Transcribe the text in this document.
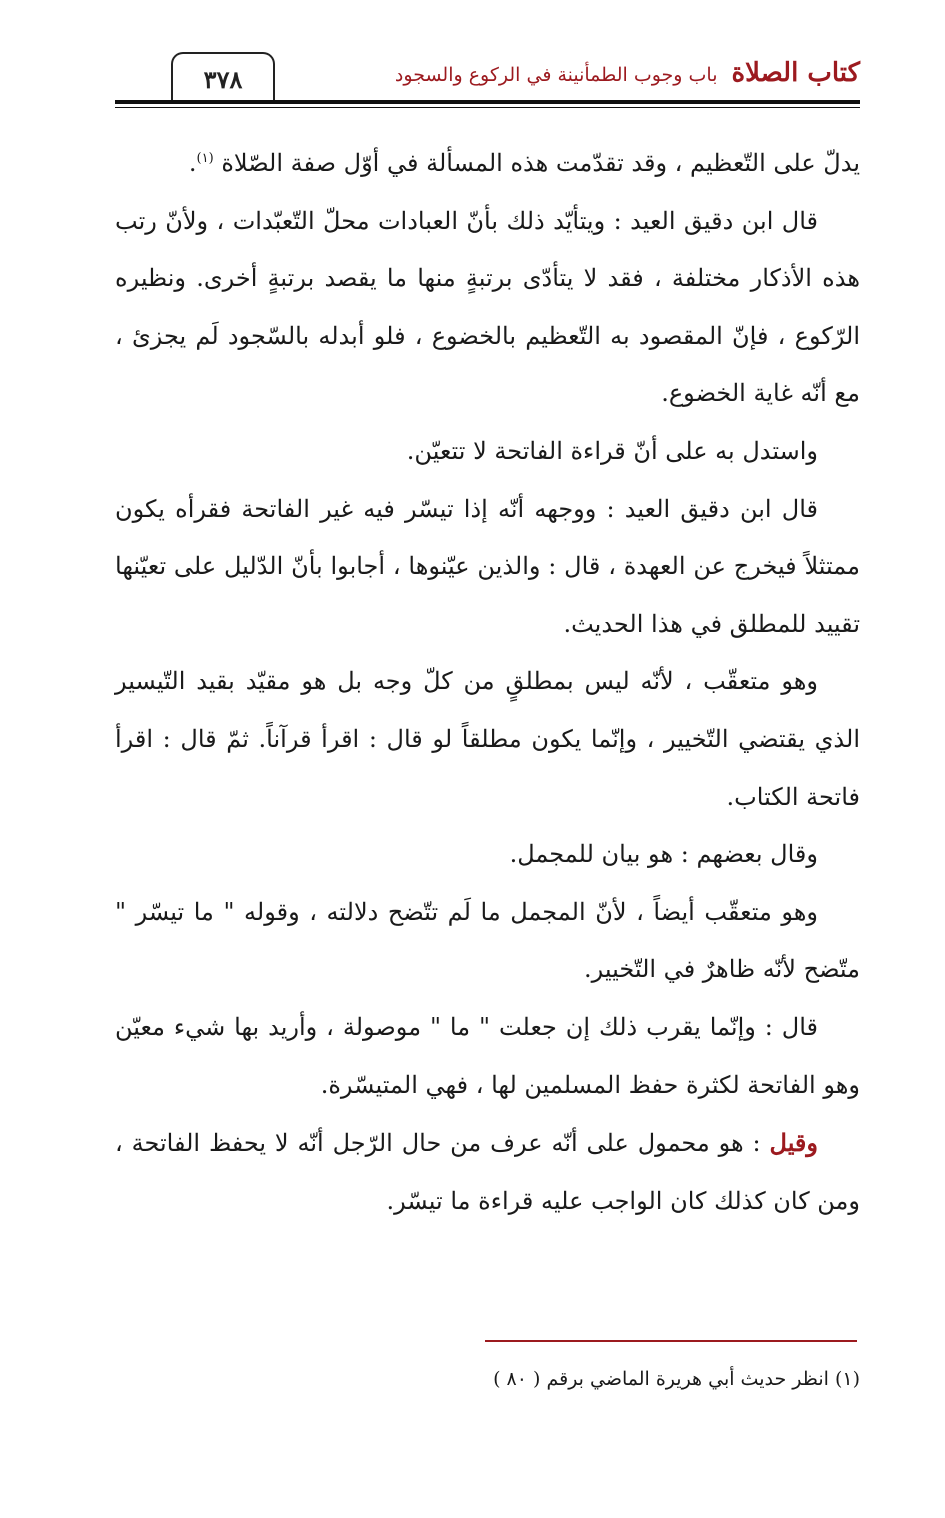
٣٧٨	كتاب الصلاة
باب وجوب الطمأنينة في الركوع والسجود

يدلّ على التّعظيم ، وقد تقدّمت هذه المسألة في أوّل صفة الصّلاة $^{(١)}$.

قال ابن دقيق العيد : ويتأيّد ذلك بأنّ العبادات محلّ التّعبّدات ، ولأنّ رتب هذه الأذكار مختلفة ، فقد لا يتأدّى برتبةٍ منها ما يقصد برتبةٍ أخرى. ونظيره الرّكوع ، فإنّ المقصود به التّعظيم بالخضوع ، فلو أبدله بالسّجود لَم يجزئ ، مع أنّه غاية الخضوع.

واستدل به على أنّ قراءة الفاتحة لا تتعيّن.

قال ابن دقيق العيد : ووجهه أنّه إذا تيسّر فيه غير الفاتحة فقرأه يكون ممتثلاً فيخرج عن العهدة ، قال : والذين عيّنوها ، أجابوا بأنّ الدّليل على تعيّنها تقييد للمطلق في هذا الحديث.

وهو متعقّب ، لأنّه ليس بمطلقٍ من كلّ وجه بل هو مقيّد بقيد التّيسير الذي يقتضي التّخيير ، وإنّما يكون مطلقاً لو قال : اقرأ قرآناً. ثمّ قال : اقرأ فاتحة الكتاب.

وقال بعضهم : هو بيان للمجمل.

وهو متعقّب أيضاً ، لأنّ المجمل ما لَم تتّضح دلالته ، وقوله " ما تيسّر " متّضح لأنّه ظاهرٌ في التّخيير.

قال : وإنّما يقرب ذلك إن جعلت " ما " موصولة ، وأريد بها شيء معيّن وهو الفاتحة لكثرة حفظ المسلمين لها ، فهي المتيسّرة.

وقيل : هو محمول على أنّه عرف من حال الرّجل أنّه لا يحفظ الفاتحة ، ومن كان كذلك كان الواجب عليه قراءة ما تيسّر.

(١) انظر حديث أبي هريرة الماضي برقم ( ٨٠ )
